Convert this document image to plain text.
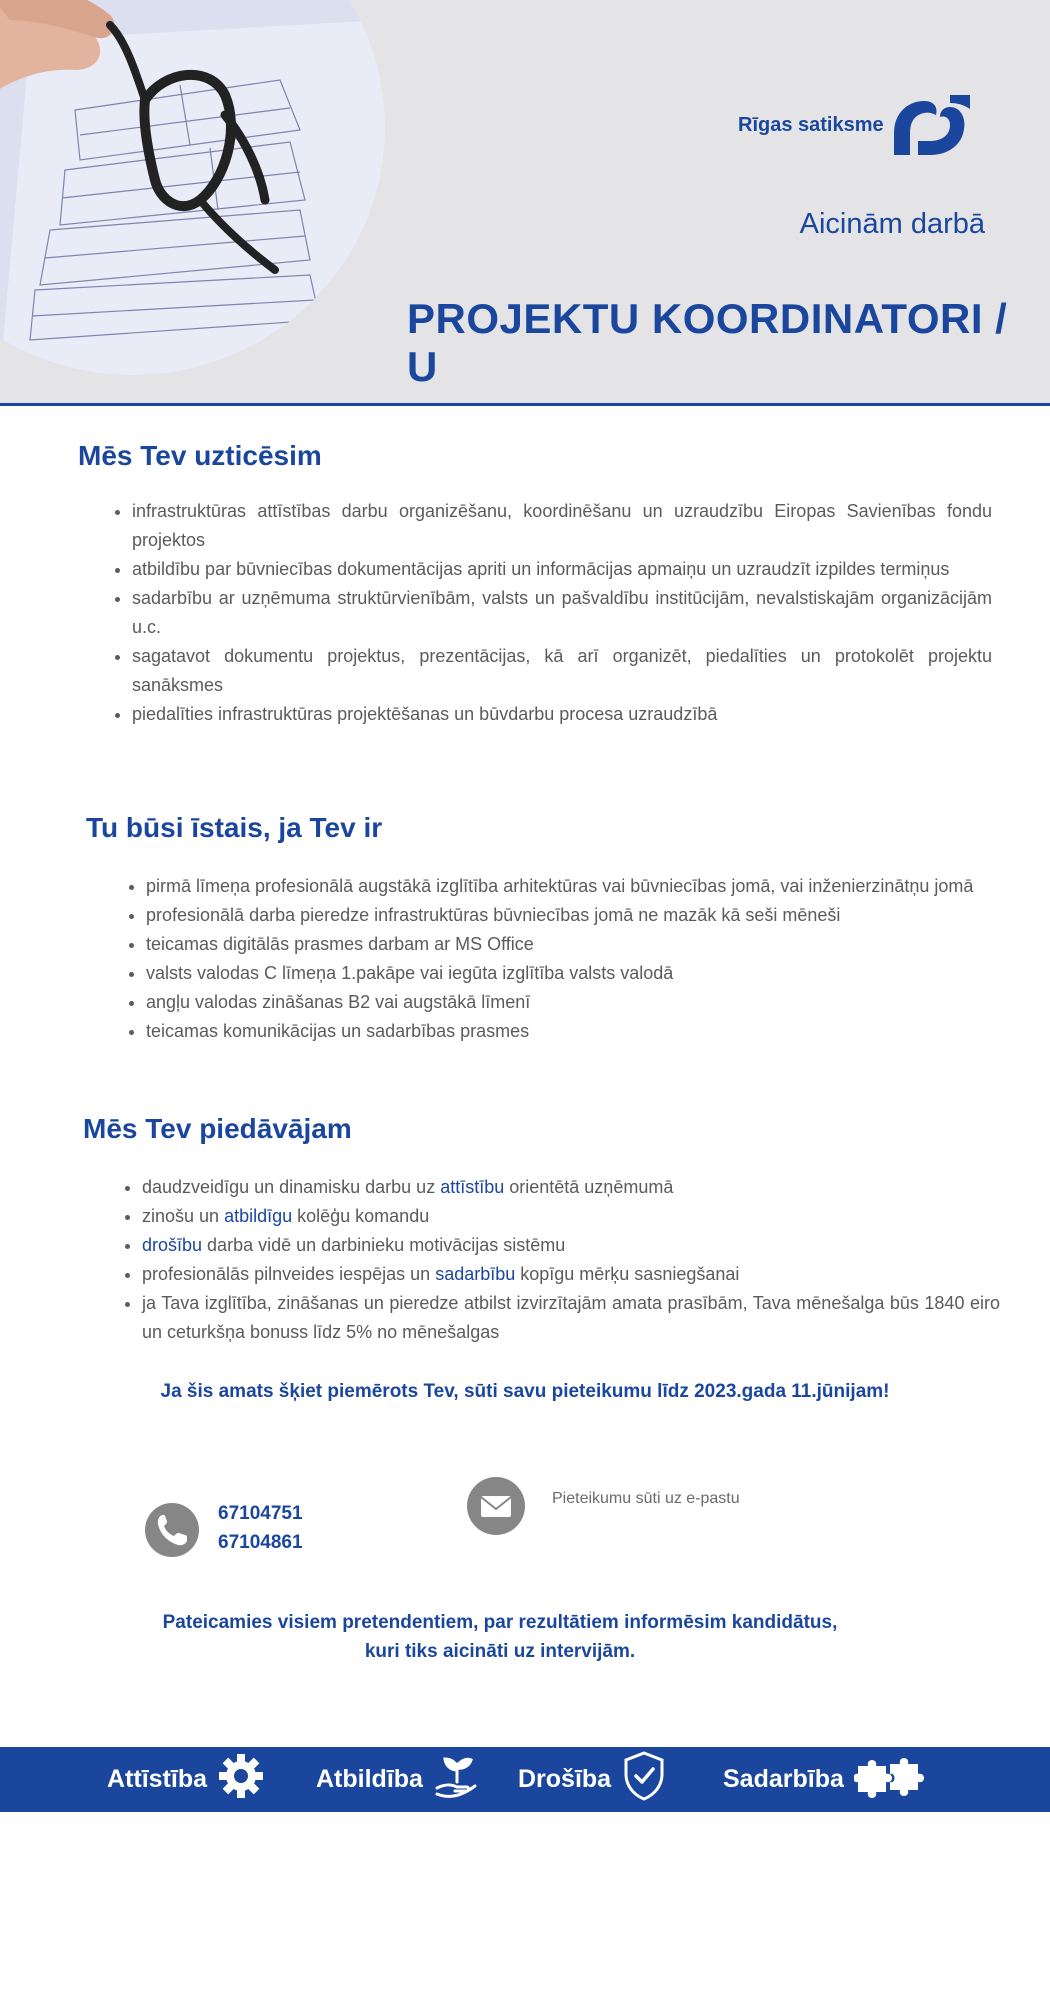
Rīgas satiksme
Aicinām darbā
PROJEKTU KOORDINATORI / U
Mēs Tev uzticēsim
• infrastruktūras attīstības darbu organizēšanu, koordinēšanu un uzraudzību Eiropas Savienības fondu projektos
• atbildību par būvniecības dokumentācijas apriti un informācijas apmaiņu un uzraudzīt izpildes termiņus
• sadarbību ar uzņēmuma struktūrvienībām, valsts un pašvaldību institūcijām, nevalstiskajām organizācijām u.c.
• sagatavot dokumentu projektus, prezentācijas, kā arī organizēt, piedalīties un protokolēt projektu sanāksmes
• piedalīties infrastruktūras projektēšanas un būvdarbu procesa uzraudzībā
Tu būsi īstais, ja Tev ir
• pirmā līmeņa profesionālā augstākā izglītība arhitektūras vai būvniecības jomā, vai inženierzinātņu jomā
• profesionālā darba pieredze infrastruktūras būvniecības jomā ne mazāk kā seši mēneši
• teicamas digitālās prasmes darbam ar MS Office
• valsts valodas C līmeņa 1.pakāpe vai iegūta izglītība valsts valodā
• angļu valodas zināšanas B2 vai augstākā līmenī
• teicamas komunikācijas un sadarbības prasmes
Mēs Tev piedāvājam
• daudzveidīgu un dinamisku darbu uz attīstību orientētā uzņēmumā
• zinošu un atbildīgu kolēģu komandu
• drošību darba vidē un darbinieku motivācijas sistēmu
• profesionālās pilnveides iespējas un sadarbību kopīgu mērķu sasniegšanai
• ja Tava izglītība, zināšanas un pieredze atbilst izvirzītajām amata prasībām, Tava mēnešalga būs 1840 eiro un ceturkšņa bonuss līdz 5% no mēnešalgas
Ja šis amats šķiet piemērots Tev, sūti savu pieteikumu līdz 2023.gada 11.jūnijam!
67104751
67104861
Pieteikumu sūti uz e-pastu
Pateicamies visiem pretendentiem, par rezultātiem informēsim kandidātus,
kuri tiks aicināti uz intervijām.
Attīstība	Atbildība	Drošība	Sadarbība
